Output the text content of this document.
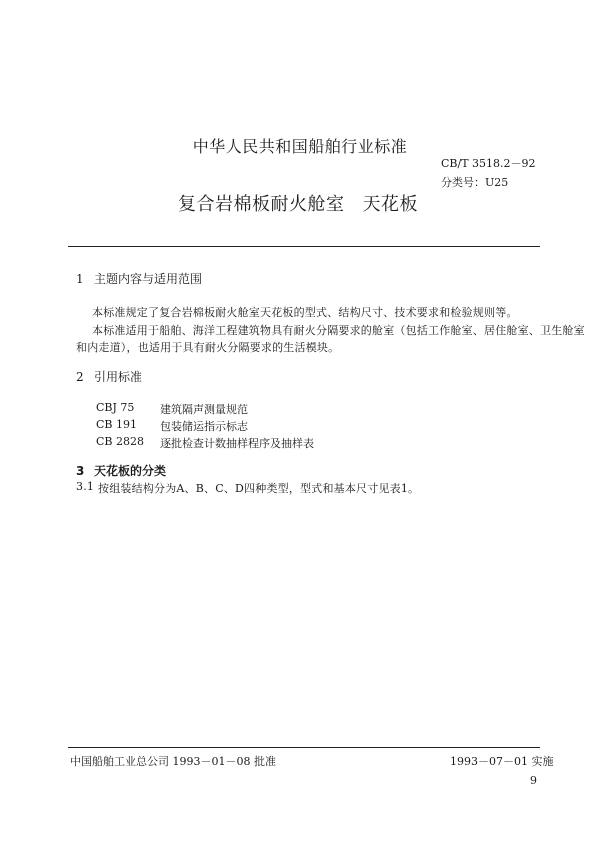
中华人民共和国船舶行业标准
CB/T 3518.2－92
分类号：U25
复合岩棉板耐火舱室 天花板
1 主题内容与适用范围
本标准规定了复合岩棉板耐火舱室天花板的型式、结构尺寸、技术要求和检验规则等。
本标准适用于船舶、海洋工程建筑物具有耐火分隔要求的舱室（包括工作舱室、居住舱室、卫生舱室
和内走道），也适用于具有耐火分隔要求的生活模块。
2 引用标准
CBJ 75 建筑隔声测量规范
CB 191 包装储运指示标志
CB 2828 逐批检查计数抽样程序及抽样表
3 天花板的分类
3.1 按组装结构分为A、B、C、D四种类型，型式和基本尺寸见表1。
中国船舶工业总公司 1993－01－08 批准	1993－07－01 实施
9
